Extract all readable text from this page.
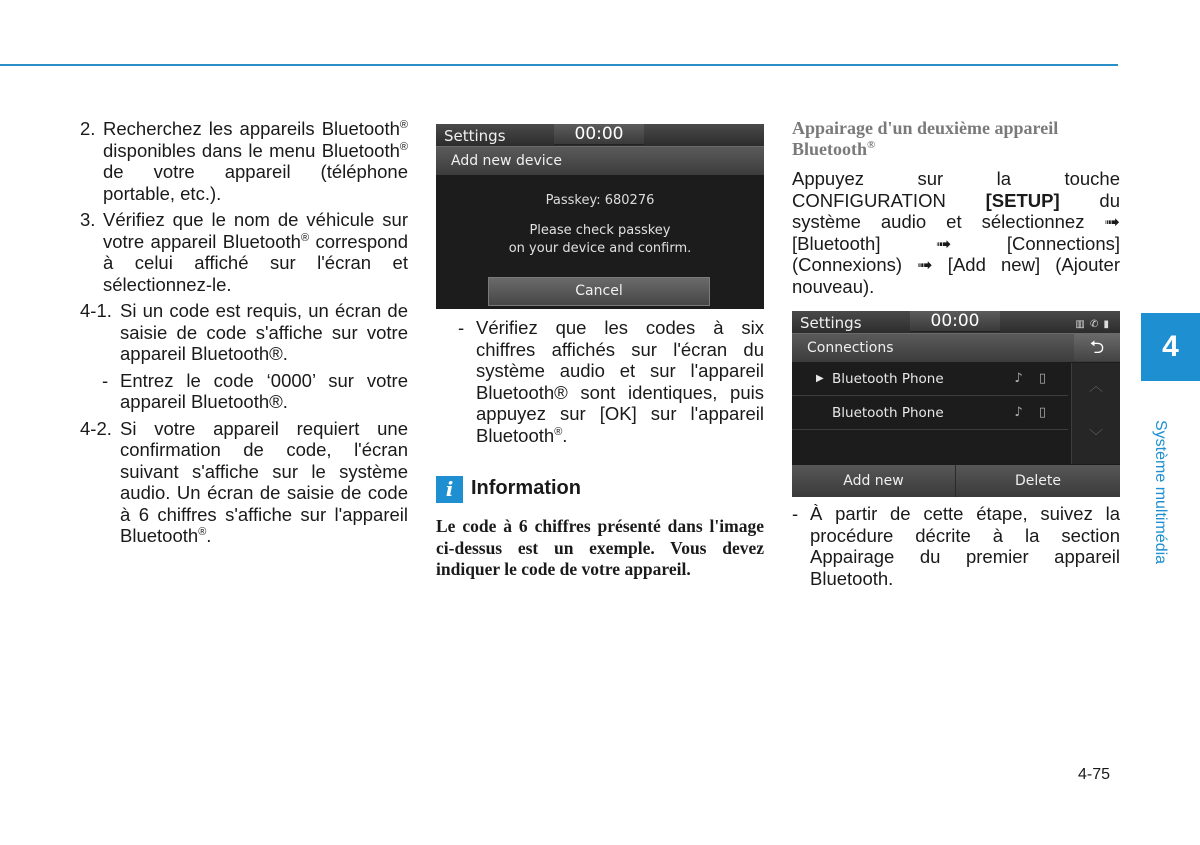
2. Recherchez les appareils Bluetooth® disponibles dans le menu Bluetooth® de votre appareil (téléphone portable, etc.).
3. Vérifiez que le nom de véhicule sur votre appareil Bluetooth® correspond à celui affiché sur l'écran et sélectionnez-le.
4-1. Si un code est requis, un écran de saisie de code s'affiche sur votre appareil Bluetooth®.
- Entrez le code ‘0000’ sur votre appareil Bluetooth®.
4-2. Si votre appareil requiert une confirmation de code, l'écran suivant s'affiche sur le système audio. Un écran de saisie de code à 6 chiffres s'affiche sur l'appareil Bluetooth®.
Settings	00:00
Add new device
Passkey: 680276
Please check passkey
on your device and confirm.
Cancel
- Vérifiez que les codes à six chiffres affichés sur l'écran du système audio et sur l'appareil Bluetooth® sont identiques, puis appuyez sur [OK] sur l'appareil Bluetooth®.
i Information
Le code à 6 chiffres présenté dans l'image ci-dessus est un exemple. Vous devez indiquer le code de votre appareil.
Appairage d'un deuxième appareil Bluetooth®
Appuyez sur la touche CONFIGURATION [SETUP] du système audio et sélectionnez ➟ [Bluetooth] ➟ [Connections] (Connexions) ➟ [Add new] (Ajouter nouveau).
Settings	00:00	▥ ✆ ▮
Connections	⮌
▶ Bluetooth Phone	♪ ▯
Bluetooth Phone	♪ ▯
︿
﹀
Add new	Delete
- À partir de cette étape, suivez la procédure décrite à la section Appairage du premier appareil Bluetooth.
4
Système multimédia
4-75
